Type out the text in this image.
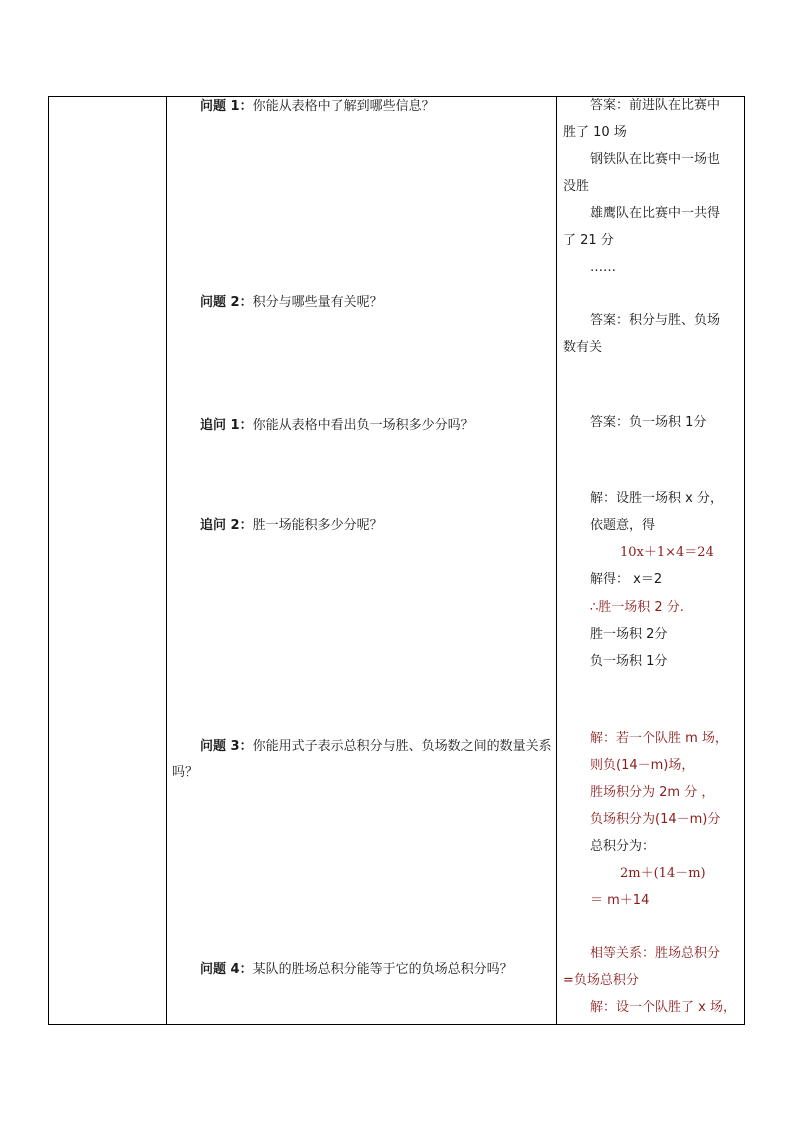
问题 1：你能从表格中了解到哪些信息？
问题 2：积分与哪些量有关呢？
追问 1：你能从表格中看出负一场积多少分吗？
追问 2：胜一场能积多少分呢？
问题 3：你能用式子表示总积分与胜、负场数之间的数量关系吗？
问题 4：某队的胜场总积分能等于它的负场总积分吗？
答案：前进队在比赛中
胜了 10 场
钢铁队在比赛中一场也
没胜
雄鹰队在比赛中一共得
了 21 分
……
答案：积分与胜、负场
数有关
答案：负一场积 1分
解：设胜一场积 x 分，
依题意，得
10x＋1×4＝24
解得： x＝2
∴胜一场积 2 分.
胜一场积 2分
负一场积 1分
解：若一个队胜 m 场，
则负(14－m)场，
胜场积分为 2m 分 ，
负场积分为(14－m)分
总积分为：
2m＋(14－m)
＝ m＋14
相等关系：胜场总积分
=负场总积分
解：设一个队胜了 x 场，
